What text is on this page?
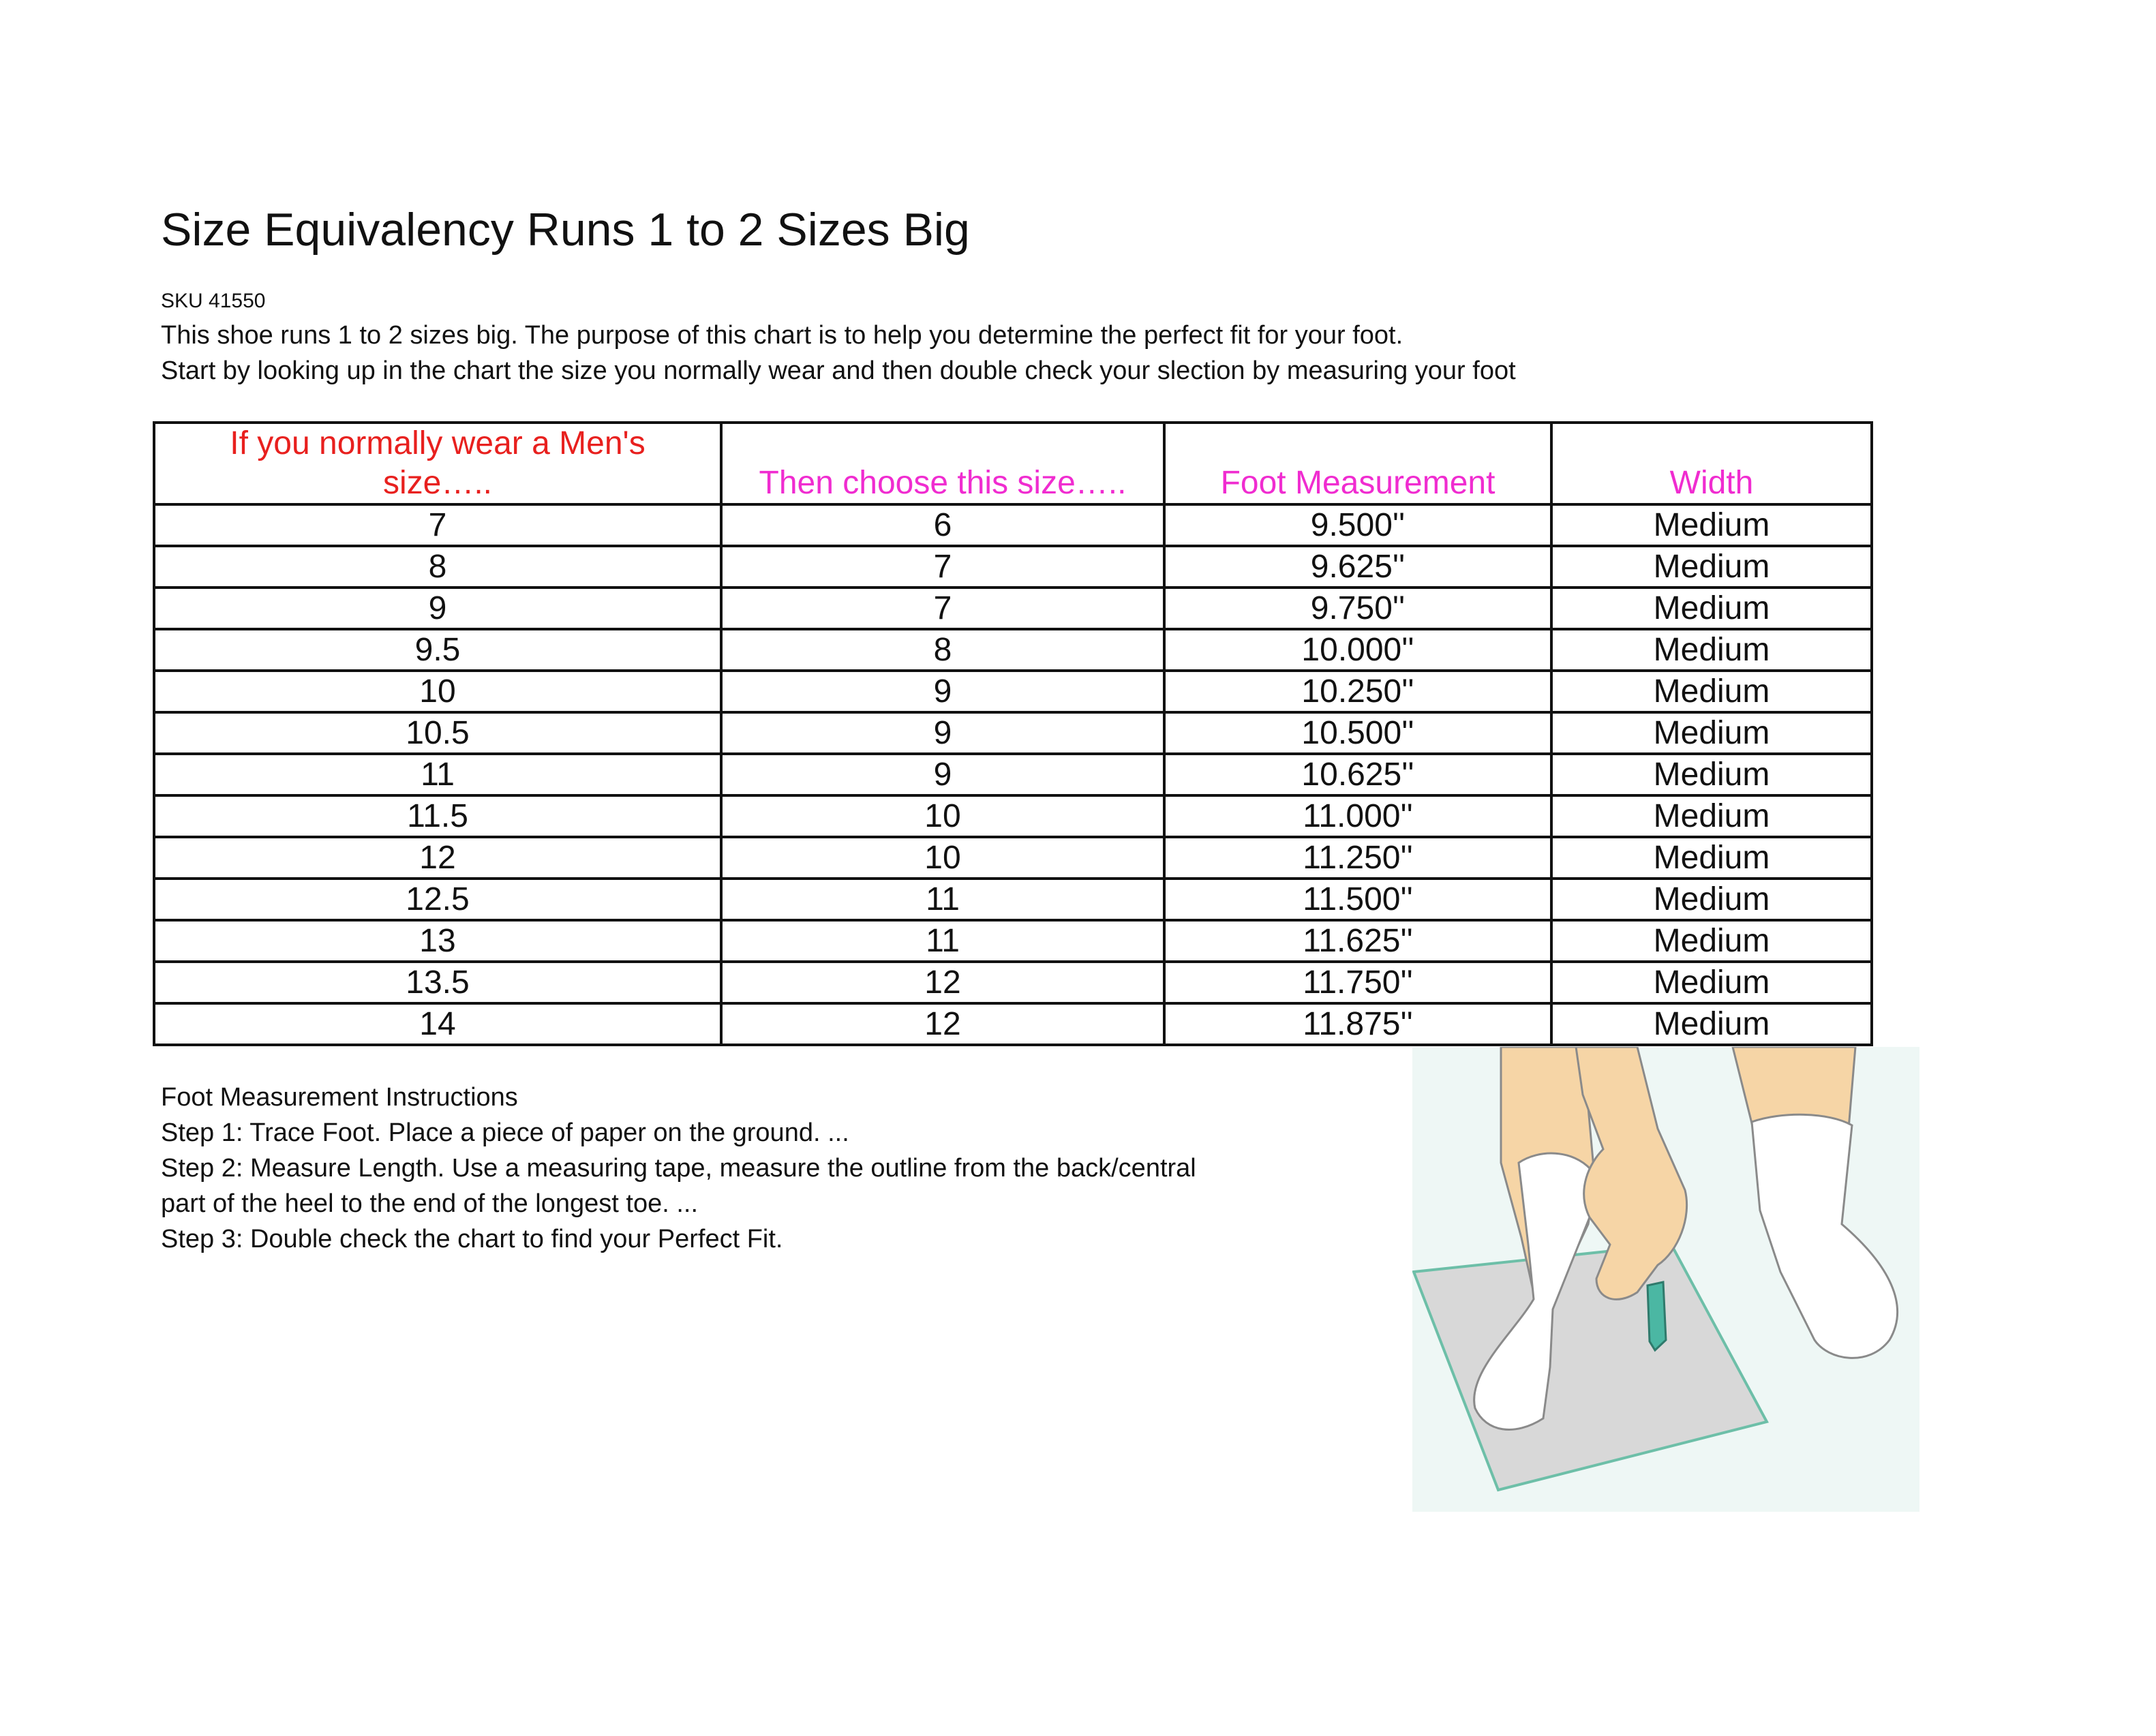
Size Equivalency Runs 1 to 2 Sizes Big
SKU 41550
This shoe runs 1 to 2 sizes big. The purpose of this chart is to help you determine the perfect fit for your foot.
Start by looking up in the chart the size you normally wear and then double check your slection by measuring your foot
If you normally wear a Men's
size…..	Then choose this size…..	Foot Measurement	Width
7	6	9.500''	Medium
8	7	9.625''	Medium
9	7	9.750''	Medium
9.5	8	10.000''	Medium
10	9	10.250''	Medium
10.5	9	10.500''	Medium
11	9	10.625''	Medium
11.5	10	11.000''	Medium
12	10	11.250''	Medium
12.5	11	11.500''	Medium
13	11	11.625''	Medium
13.5	12	11.750''	Medium
14	12	11.875''	Medium
Foot Measurement Instructions
Step 1: Trace Foot. Place a piece of paper on the ground. ...
Step 2: Measure Length. Use a measuring tape, measure the outline from the back/central
part of the heel to the end of the longest toe. ...
Step 3: Double check the chart to find your Perfect Fit.
